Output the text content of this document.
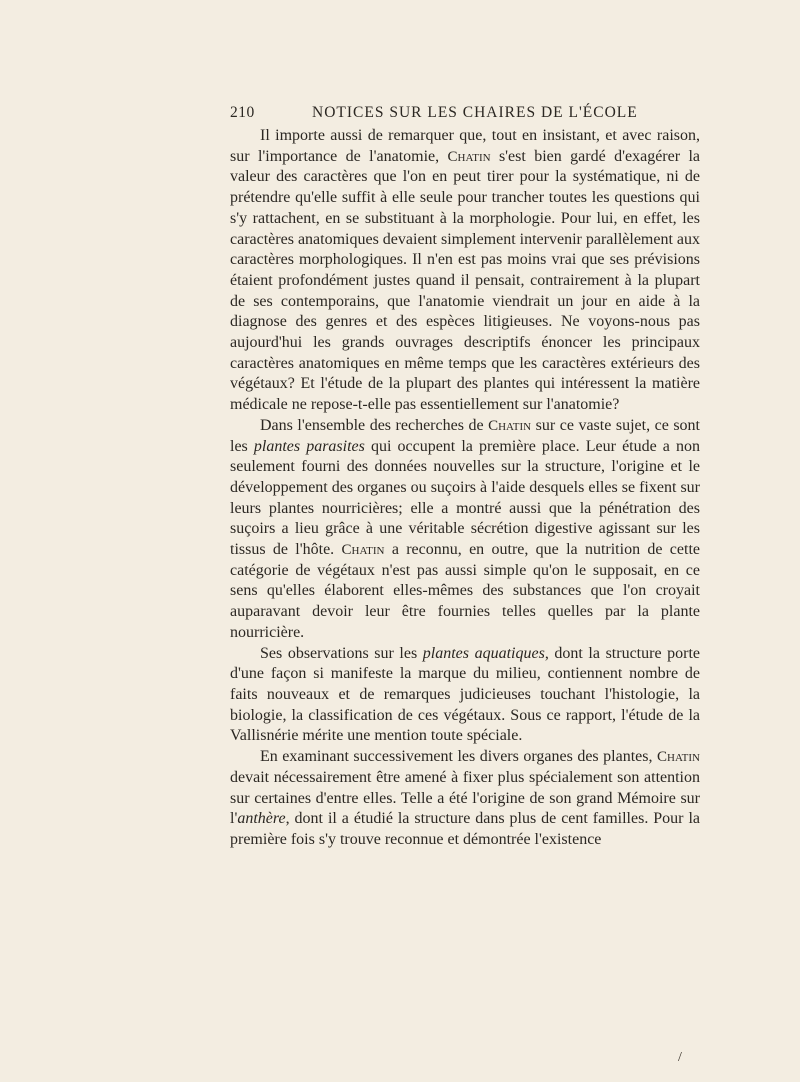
210	NOTICES SUR LES CHAIRES DE L'ÉCOLE

Il importe aussi de remarquer que, tout en insistant, et avec raison, sur l'importance de l'anatomie, Chatin s'est bien gardé d'exagérer la valeur des caractères que l'on en peut tirer pour la systématique, ni de prétendre qu'elle suffit à elle seule pour trancher toutes les questions qui s'y rattachent, en se substituant à la morphologie. Pour lui, en effet, les caractères anatomiques devaient simplement intervenir parallèlement aux caractères morphologiques. Il n'en est pas moins vrai que ses prévisions étaient profondément justes quand il pensait, contrairement à la plupart de ses contemporains, que l'anatomie viendrait un jour en aide à la diagnose des genres et des espèces litigieuses. Ne voyons-nous pas aujourd'hui les grands ouvrages descriptifs énoncer les principaux caractères anatomiques en même temps que les caractères extérieurs des végétaux? Et l'étude de la plupart des plantes qui intéressent la matière médicale ne repose-t-elle pas essentiellement sur l'anatomie?

Dans l'ensemble des recherches de Chatin sur ce vaste sujet, ce sont les plantes parasites qui occupent la première place. Leur étude a non seulement fourni des données nouvelles sur la structure, l'origine et le développement des organes ou suçoirs à l'aide desquels elles se fixent sur leurs plantes nourricières; elle a montré aussi que la pénétration des suçoirs a lieu grâce à une véritable sécrétion digestive agissant sur les tissus de l'hôte. Chatin a reconnu, en outre, que la nutrition de cette catégorie de végétaux n'est pas aussi simple qu'on le supposait, en ce sens qu'elles élaborent elles-mêmes des substances que l'on croyait auparavant devoir leur être fournies telles quelles par la plante nourricière.

Ses observations sur les plantes aquatiques, dont la structure porte d'une façon si manifeste la marque du milieu, contiennent nombre de faits nouveaux et de remarques judicieuses touchant l'histologie, la biologie, la classification de ces végétaux. Sous ce rapport, l'étude de la Vallisnérie mérite une mention toute spéciale.

En examinant successivement les divers organes des plantes, Chatin devait nécessairement être amené à fixer plus spécialement son attention sur certaines d'entre elles. Telle a été l'origine de son grand Mémoire sur l'anthère, dont il a étudié la structure dans plus de cent familles. Pour la première fois s'y trouve reconnue et démontrée l'existence

/
